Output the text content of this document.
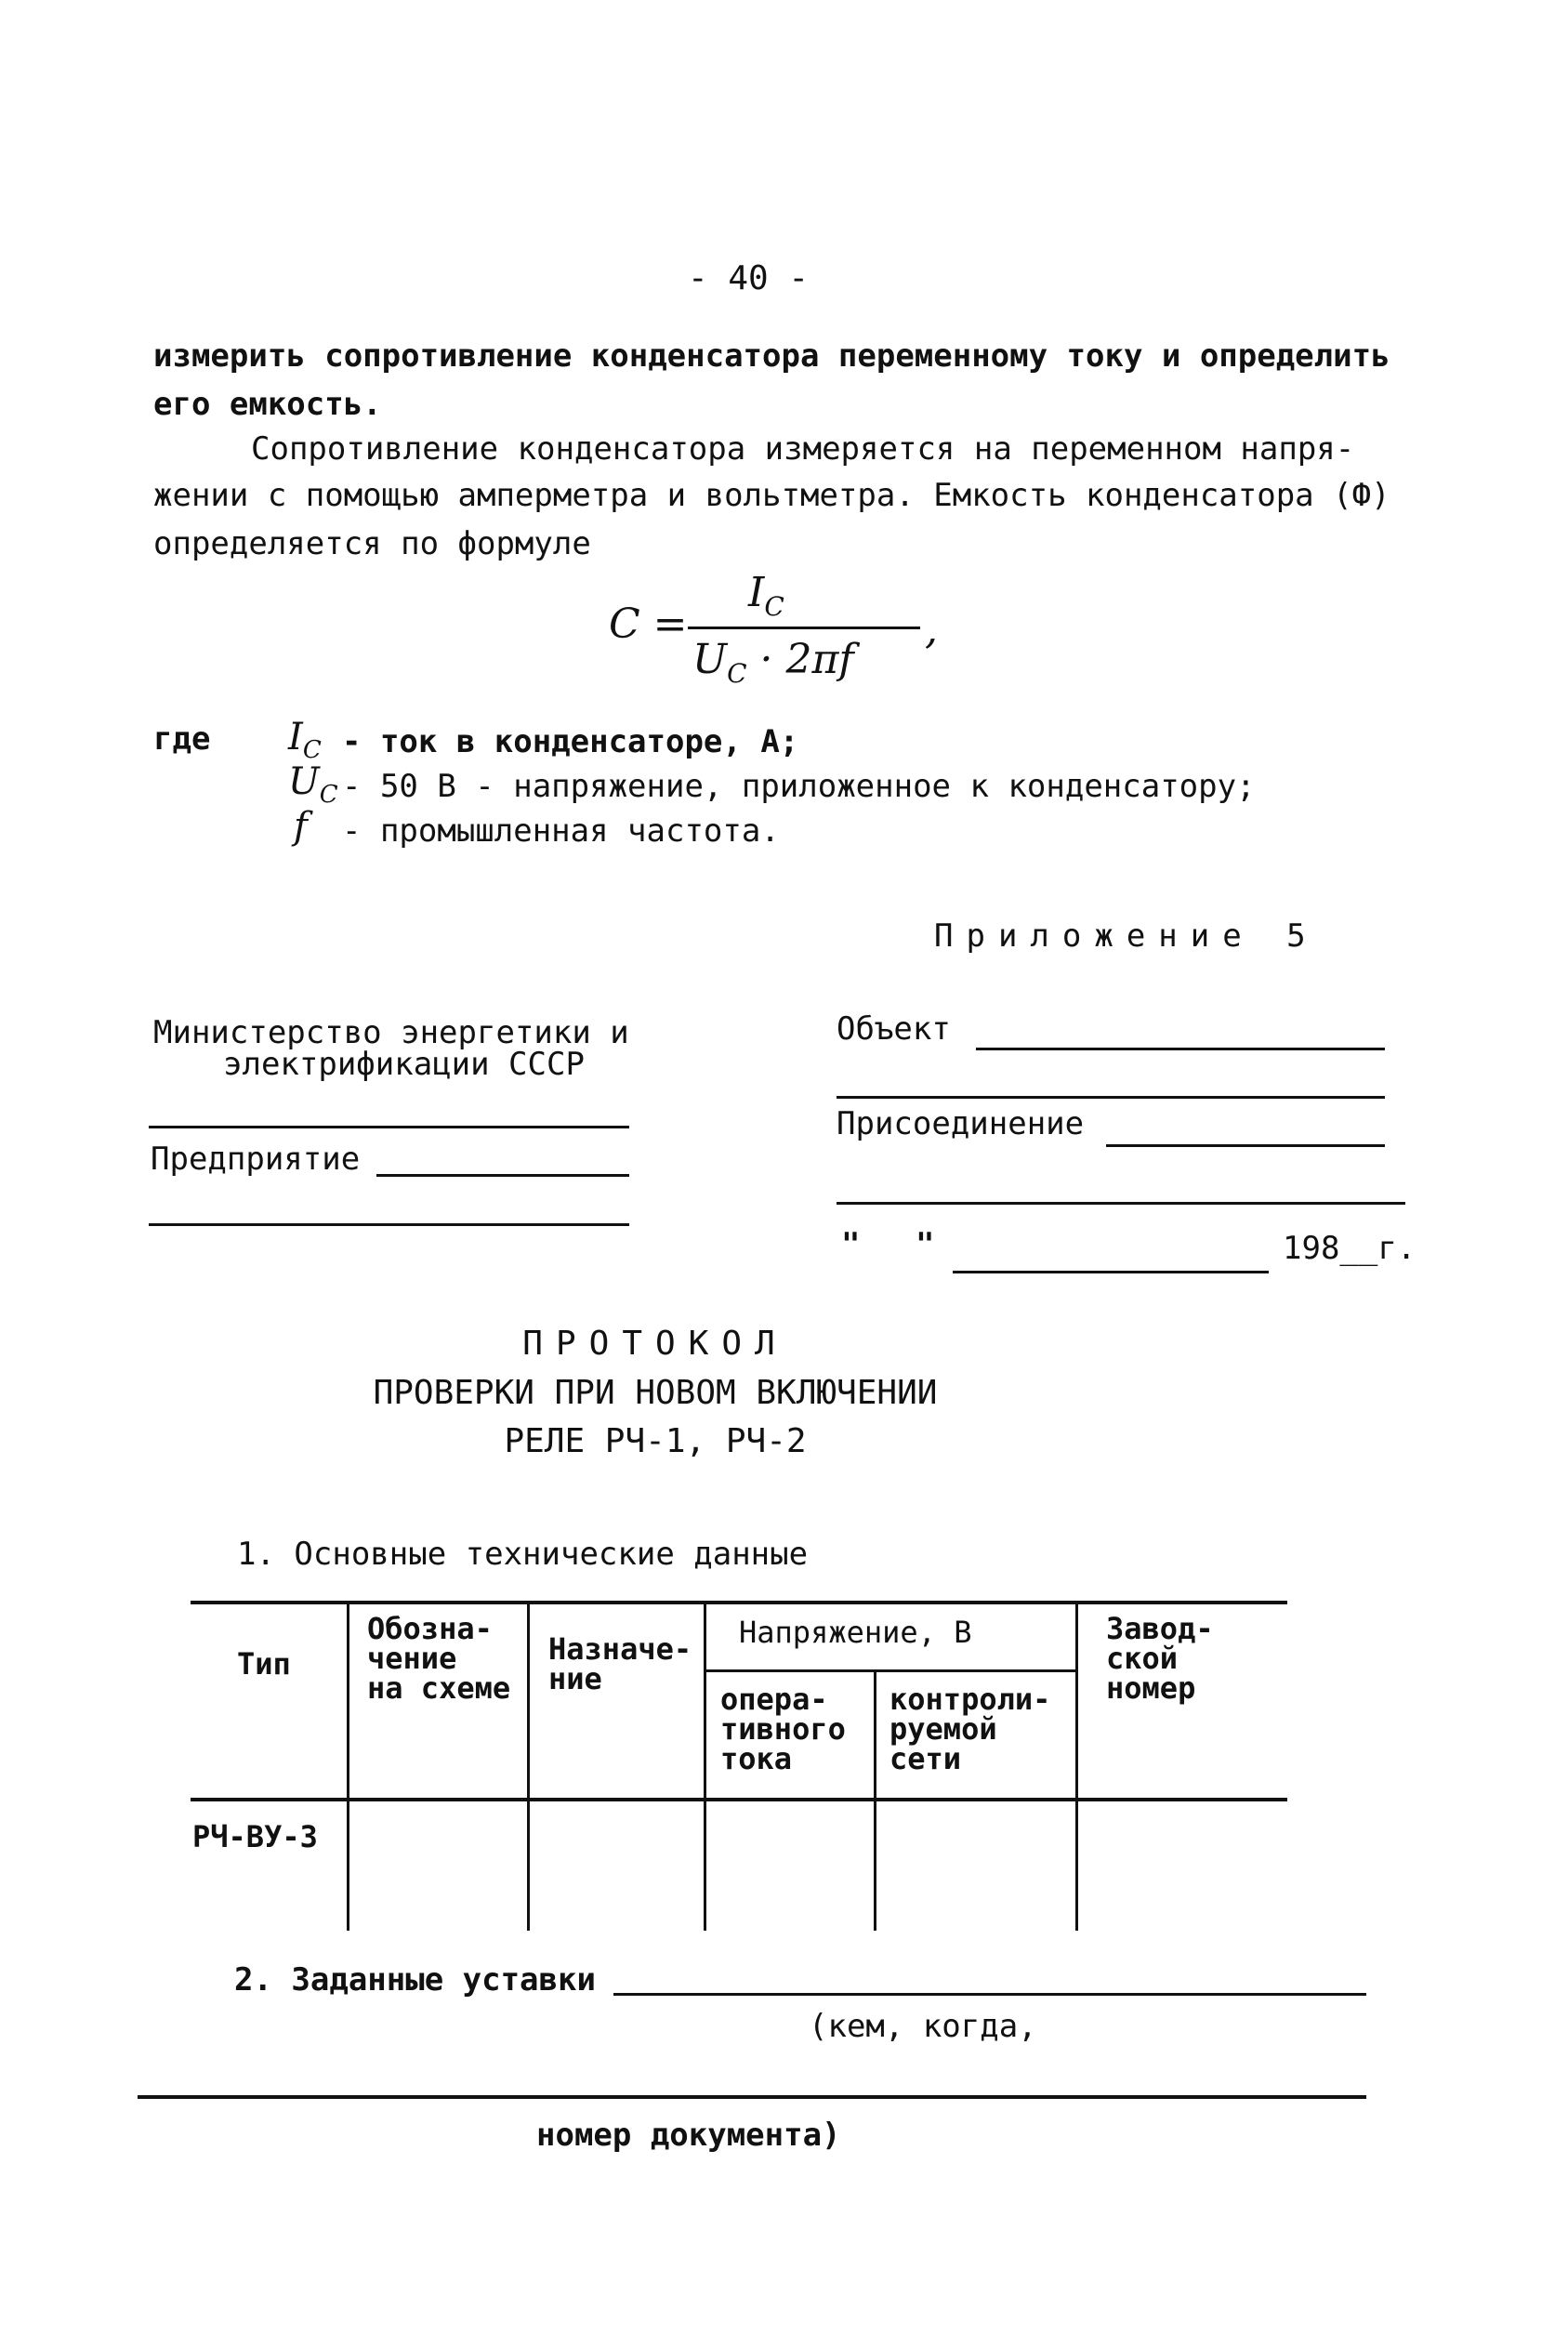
- 40 -
измерить сопротивление конденсатора переменному току и определить
его емкость.
Сопротивление конденсатора измеряется на переменном напря-
жении с помощью амперметра и вольтметра. Емкость конденсатора (Ф)
определяется по формуле
C =
$I_C$
$U_C \cdot 2\pi f$
,
где $I_C$ - ток в конденсаторе, А;
$U_C - 50$ В - напряжение, приложенное к конденсатору;
f - промышленная частота.
Приложение 5
Министерство энергетики и
электрификации СССР
Предприятие
Объект
Присоединение
" "	198__г.
ПРОТОКОЛ
ПРОВЕРКИ ПРИ НОВОМ ВКЛЮЧЕНИИ
РЕЛЕ РЧ-1, РЧ-2
1. Основные технические данные
Тип
Обозна-
чение
на схеме
Назначе-
ние
Напряжение, В
опера-
тивного
тока
контроли-
руемой
сети
Завод-
ской
номер
РЧ-ВУ-3
2. Заданные уставки
(кем, когда,
номер документа)
